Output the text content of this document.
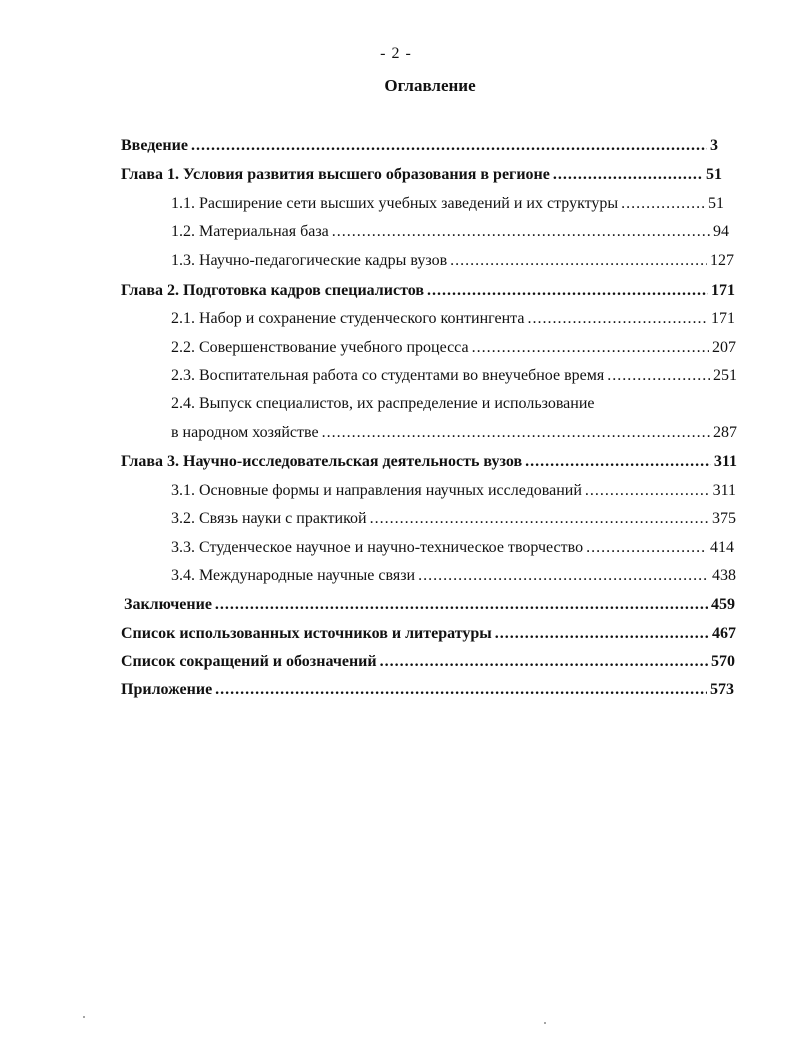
- 2 -
Оглавление
Введение .....	3
Глава 1. Условия развития высшего образования в регионе .....	51
1.1. Расширение сети высших учебных заведений и их структуры .....	51
1.2. Материальная база .....	94
1.3. Научно-педагогические кадры вузов .....	127
Глава 2. Подготовка кадров специалистов .....	171
2.1. Набор и сохранение студенческого контингента .....	171
2.2. Совершенствование учебного процесса .....	207
2.3. Воспитательная работа со студентами во внеучебное время .....	251
2.4. Выпуск специалистов, их распределение и использование
в народном хозяйстве .....	287
Глава 3. Научно-исследовательская деятельность вузов .....	311
3.1. Основные формы и направления научных исследований .....	311
3.2. Связь науки с практикой .....	375
3.3. Студенческое научное и научно-техническое творчество .....	414
3.4. Международные научные связи .....	438
Заключение .....	459
Список использованных источников и литературы .....	467
Список сокращений и обозначений .....	570
Приложение .....	573
